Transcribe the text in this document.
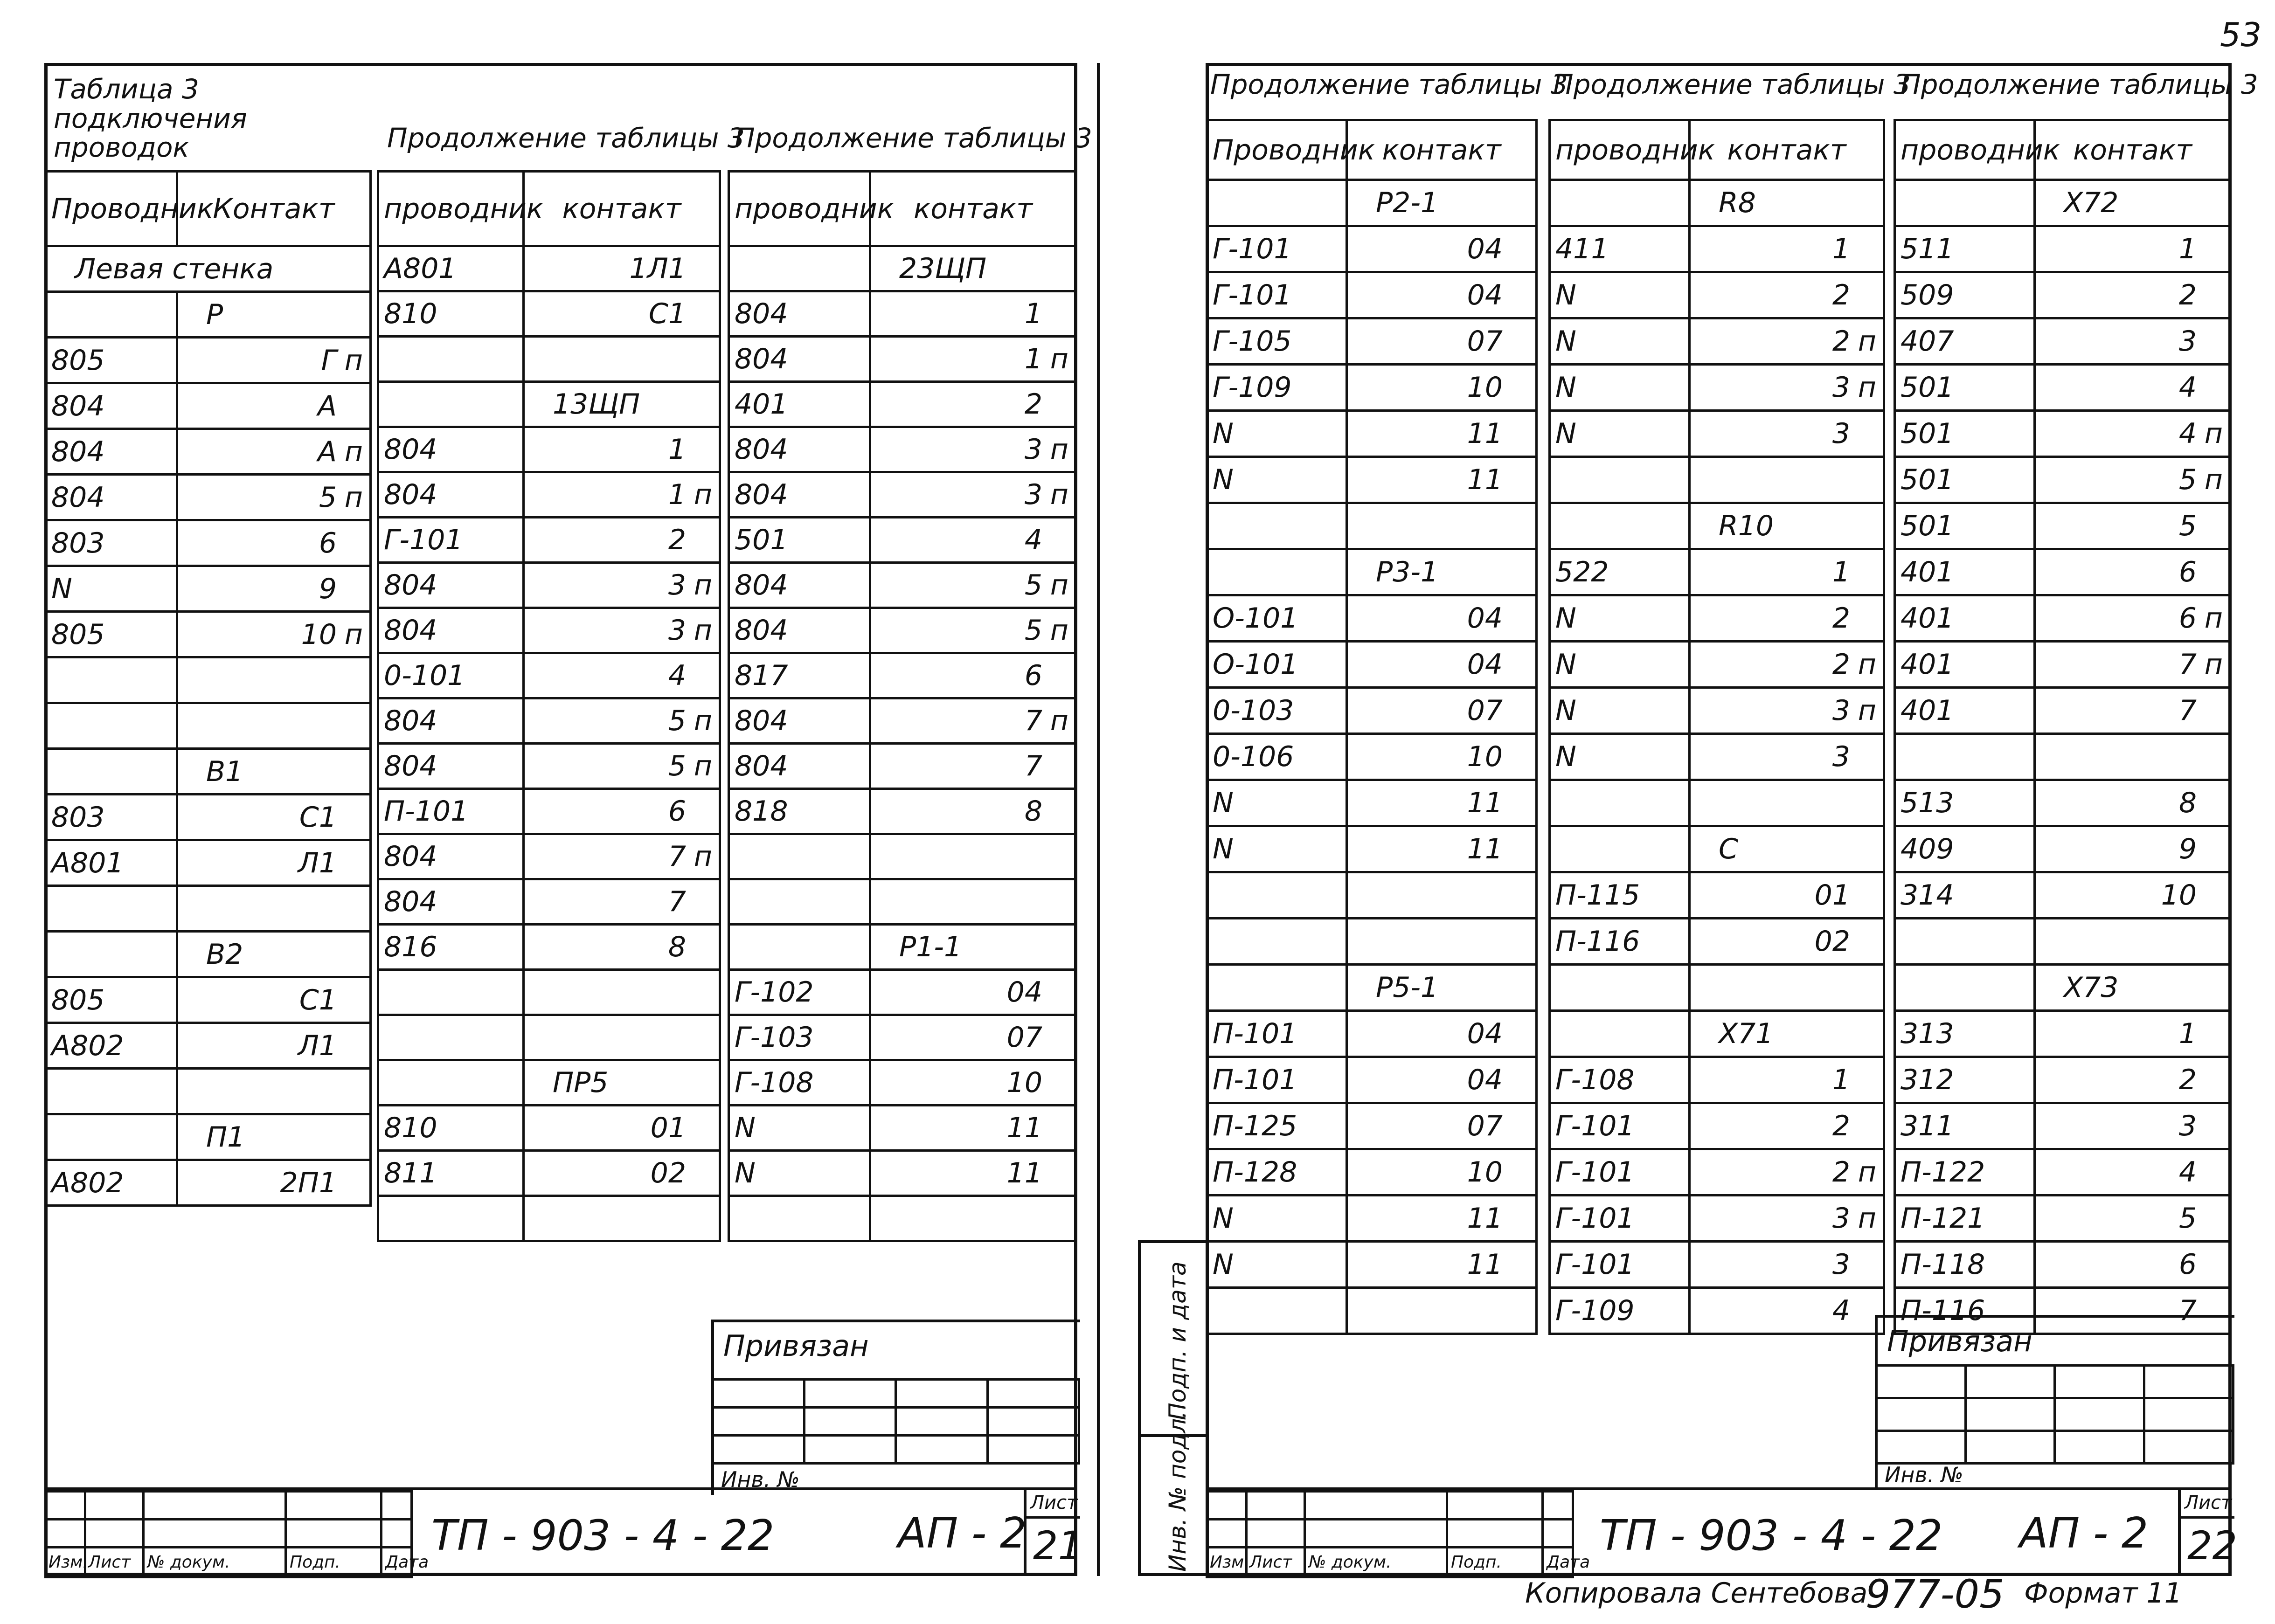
53
Таблица 3
подключения
проводок	Продолжение таблицы 3
Продолжение таблицы 3
Проводник	Контакт
Левая стенка	
	Р
805	Г п

804	А

804	А п

804	5 п

803	6

N	9

805	10 п

	В1
803	С1

А801	Л1

	В2
805	С1

А802	Л1

	П1
А802	2П1
проводник	контакт
А801	1Л1

810	С1

	13ЩП
804	1

804	1 п

Г-101	2

804	3 п

804	3 п

0-101	4

804	5 п

804	5 п

П-101	6

804	7 п

804	7

816	8

	ПР5
810	01

811	02

проводник	контакт
	23ЩП
804	1

804	1 п

401	2

804	3 п

804	3 п

501	4

804	5 п

804	5 п

817	6

804	7 п

804	7

818	8

	Р1-1
Г-102	04

Г-103	07

Г-108	10

N	11

N	11

Привязан

Инв. №

Изм.	Лист	№ докум.	Подп.	Дата
ТП - 903 - 4 - 22	АП - 2
Лист
21
Подп. и дата
Инв. № подл.
Продолжение таблицы 3
Продолжение таблицы 3
Продолжение таблицы 3
Проводник	контакт
	Р2-1
Г-101	04

Г-101	04

Г-105	07

Г-109	10

N	11

N	11

	Р3-1
О-101	04

О-101	04

0-103	07

0-106	10

N	11

N	11

	Р5-1
П-101	04

П-101	04

П-125	07

П-128	10

N	11

N	11

проводник	контакт
	R8
411	1

N	2

N	2 п

N	3 п

N	3

	R10
522	1

N	2

N	2 п

N	3 п

N	3

	С
П-115	01

П-116	02

	Х71
Г-108	1

Г-101	2

Г-101	2 п

Г-101	3 п

Г-101	3

Г-109	4
проводник	контакт
	Х72
511	1

509	2

407	3

501	4

501	4 п

501	5 п

501	5

401	6

401	6 п

401	7 п

401	7

513	8

409	9

314	10

	Х73
313	1

312	2

311	3

П-122	4

П-121	5

П-118	6

П-116	7
Привязан

Инв. №

Изм.	Лист	№ докум.	Подп.	Дата
ТП - 903 - 4 - 22 АП - 2
Лист
22
Копировала Сентебова
977-05 Формат 11
